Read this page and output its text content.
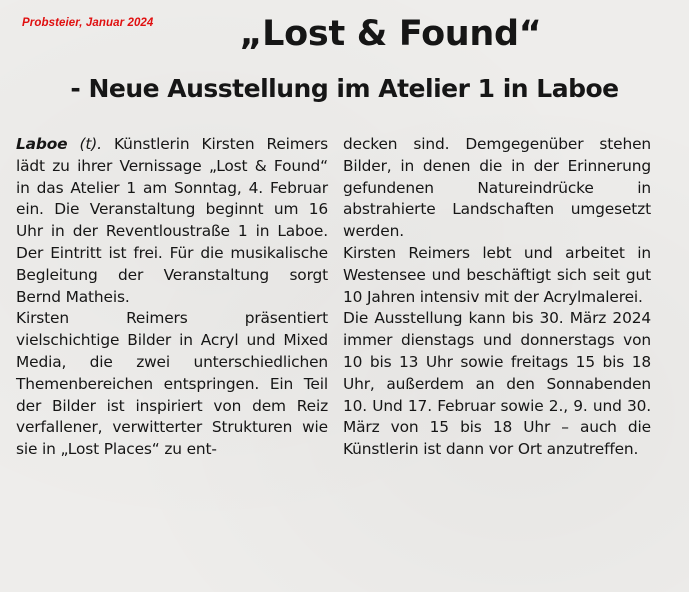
Probsteier, Januar 2024	„Lost & Found“
- Neue Ausstellung im Atelier 1 in Laboe

Laboe (t). Künstlerin Kirsten Reimers lädt zu ihrer Vernissage „Lost & Found“ in das Atelier 1 am Sonntag, 4. Februar ein. Die Veranstaltung beginnt um 16 Uhr in der Reventloustraße 1 in Laboe. Der Eintritt ist frei. Für die musikalische Begleitung der Veranstaltung sorgt Bernd Matheis.

Kirsten Reimers präsentiert vielschichtige Bilder in Acryl und Mixed Media, die zwei unterschiedlichen Themenbereichen entspringen. Ein Teil der Bilder ist inspiriert von dem Reiz verfallener, verwitterter Strukturen wie sie in „Lost Places“ zu ent-

decken sind. Demgegenüber stehen Bilder, in denen die in der Erinnerung gefundenen Natureindrücke in abstrahierte Landschaften umgesetzt werden.

Kirsten Reimers lebt und arbeitet in Westensee und beschäftigt sich seit gut 10 Jahren intensiv mit der Acrylmalerei.

Die Ausstellung kann bis 30. März 2024 immer dienstags und donnerstags von 10 bis 13 Uhr sowie freitags 15 bis 18 Uhr, außerdem an den Sonnabenden 10. Und 17. Februar sowie 2., 9. und 30. März von 15 bis 18 Uhr – auch die Künstlerin ist dann vor Ort anzutreffen.
